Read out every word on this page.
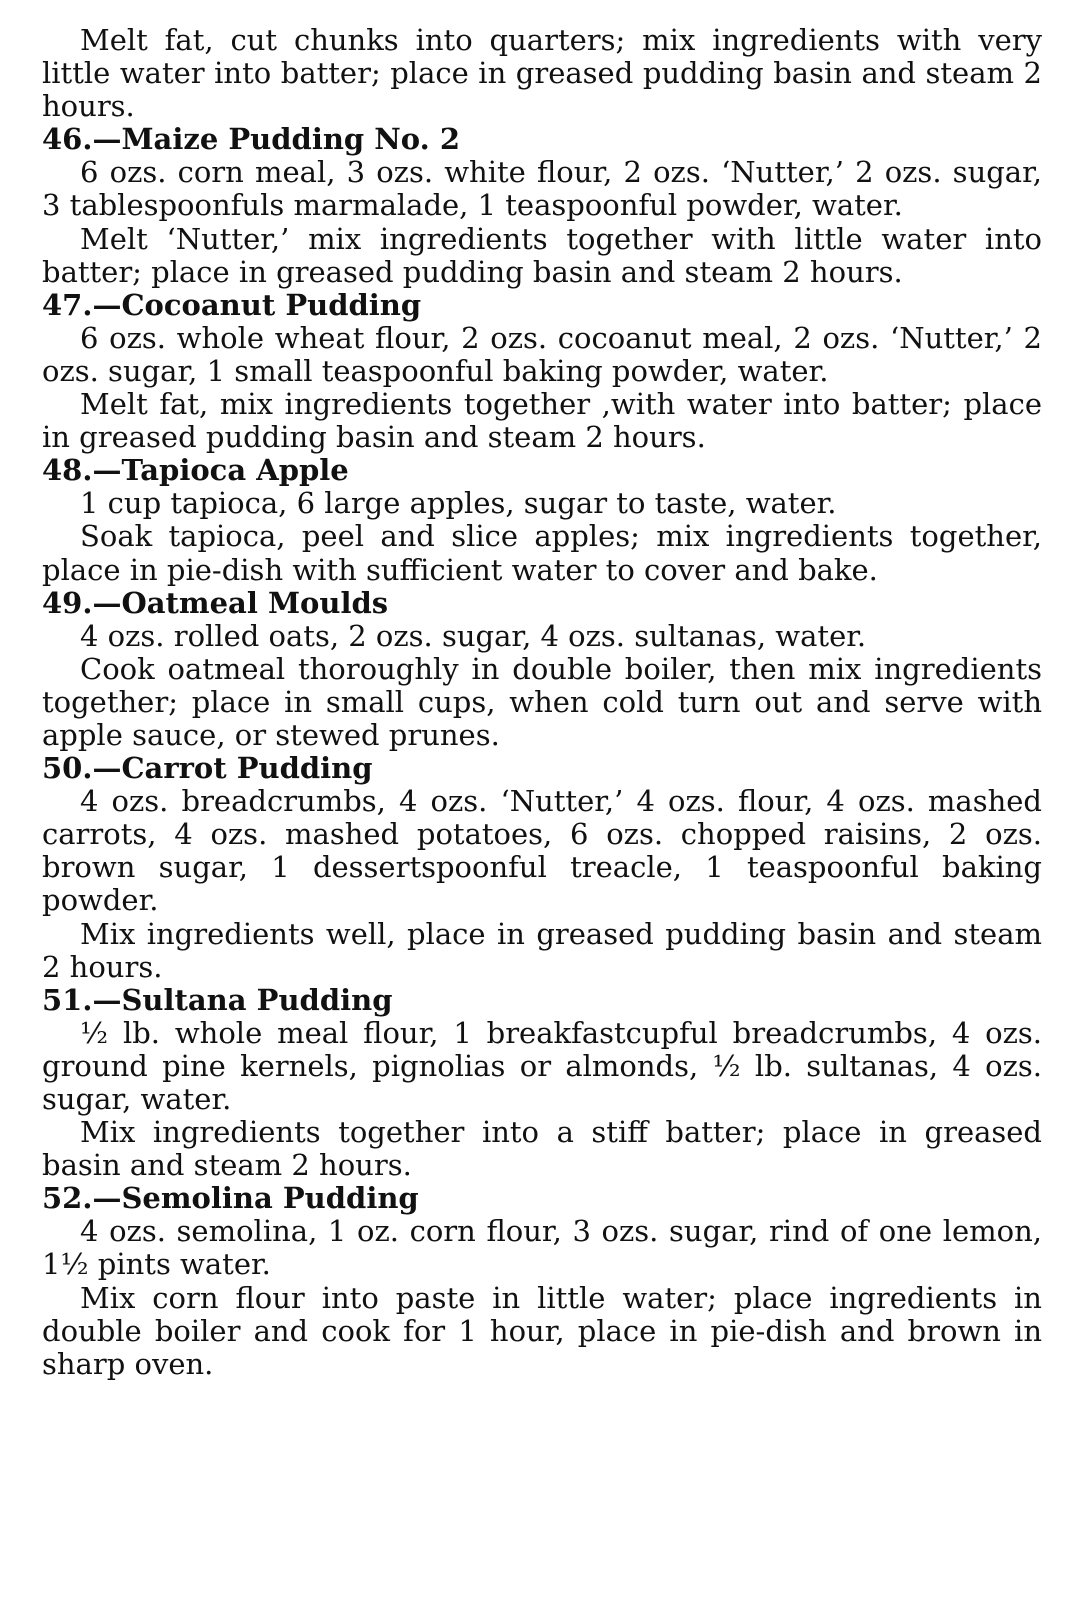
Melt fat, cut chunks into quarters; mix ingredients with very little water into batter; place in greased pudding basin and steam 2 hours.

46.—Maize Pudding No. 2

6 ozs. corn meal, 3 ozs. white flour, 2 ozs. ‘Nutter,’ 2 ozs. sugar, 3 tablespoonfuls marmalade, 1 teaspoonful powder, water.

Melt ‘Nutter,’ mix ingredients together with little water into batter; place in greased pudding basin and steam 2 hours.

47.—Cocoanut Pudding

6 ozs. whole wheat flour, 2 ozs. cocoanut meal, 2 ozs. ‘Nutter,’ 2 ozs. sugar, 1 small teaspoonful baking powder, water.

Melt fat, mix ingredients together ,with water into batter; place in greased pudding basin and steam 2 hours.

48.—Tapioca Apple

1 cup tapioca, 6 large apples, sugar to taste, water.

Soak tapioca, peel and slice apples; mix ingredients together, place in pie-dish with sufficient water to cover and bake.

49.—Oatmeal Moulds

4 ozs. rolled oats, 2 ozs. sugar, 4 ozs. sultanas, water.

Cook oatmeal thoroughly in double boiler, then mix ingredients together; place in small cups, when cold turn out and serve with apple sauce, or stewed prunes.

50.—Carrot Pudding

4 ozs. breadcrumbs, 4 ozs. ‘Nutter,’ 4 ozs. flour, 4 ozs. mashed carrots, 4 ozs. mashed potatoes, 6 ozs. chopped raisins, 2 ozs. brown sugar, 1 dessertspoonful treacle, 1 teaspoonful baking powder.

Mix ingredients well, place in greased pudding basin and steam 2 hours.

51.—Sultana Pudding

½ lb. whole meal flour, 1 breakfastcupful breadcrumbs, 4 ozs. ground pine kernels, pignolias or almonds, ½ lb. sultanas, 4 ozs. sugar, water.

Mix ingredients together into a stiff batter; place in greased basin and steam 2 hours.

52.—Semolina Pudding

4 ozs. semolina, 1 oz. corn flour, 3 ozs. sugar, rind of one lemon, 1½ pints water.

Mix corn flour into paste in little water; place ingredients in double boiler and cook for 1 hour, place in pie-dish and brown in sharp oven.
